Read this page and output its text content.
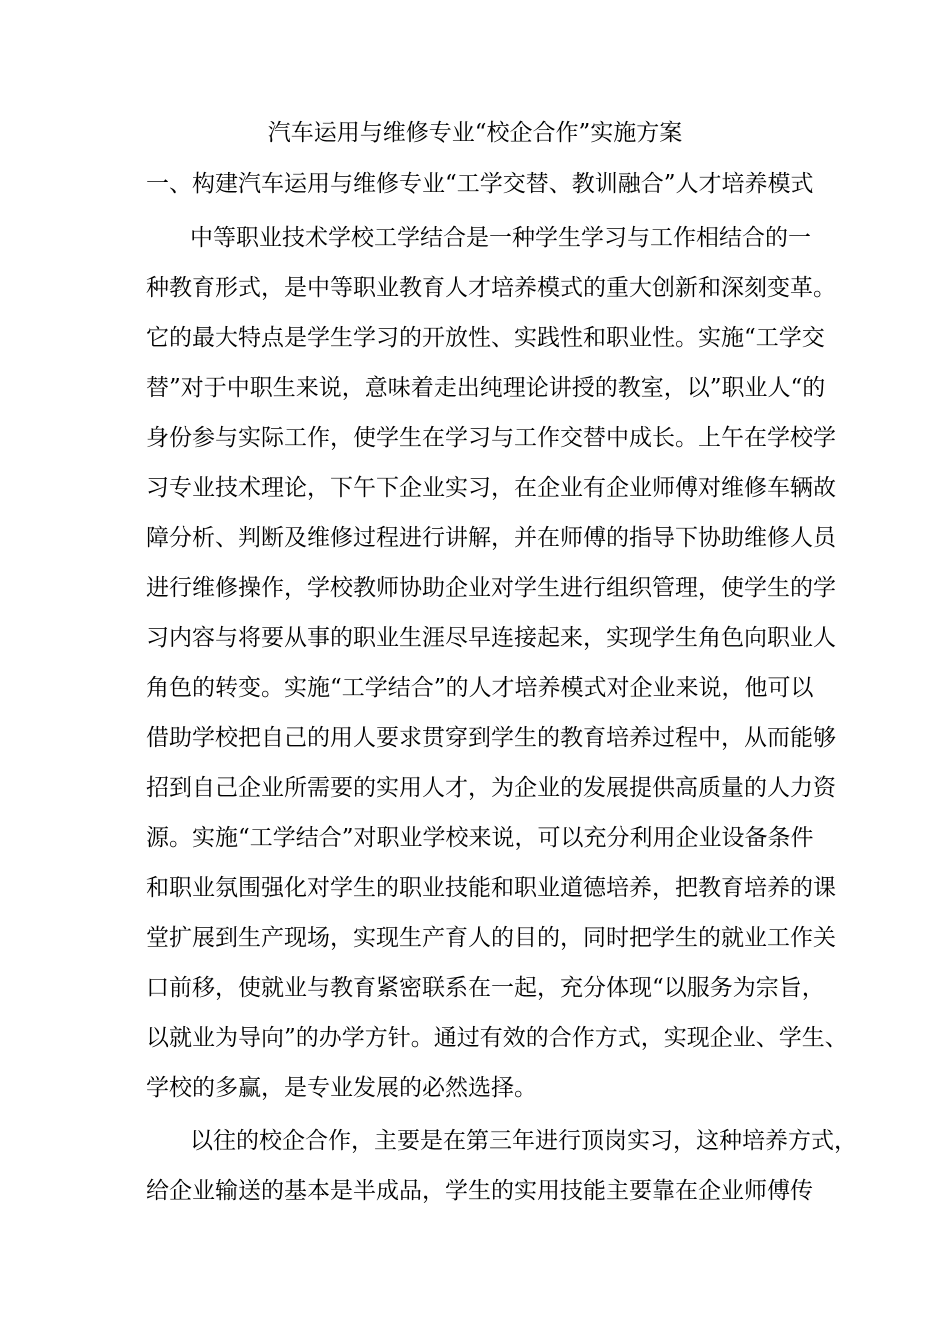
汽车运用与维修专业“校企合作”实施方案
一、构建汽车运用与维修专业“工学交替、教训融合”人才培养模式
中等职业技术学校工学结合是一种学生学习与工作相结合的一
种教育形式，是中等职业教育人才培养模式的重大创新和深刻变革。
它的最大特点是学生学习的开放性、实践性和职业性。实施“工学交
替”对于中职生来说，意味着走出纯理论讲授的教室，以”职业人“的
身份参与实际工作，使学生在学习与工作交替中成长。上午在学校学
习专业技术理论，下午下企业实习，在企业有企业师傅对维修车辆故
障分析、判断及维修过程进行讲解，并在师傅的指导下协助维修人员
进行维修操作，学校教师协助企业对学生进行组织管理，使学生的学
习内容与将要从事的职业生涯尽早连接起来，实现学生角色向职业人
角色的转变。实施“工学结合”的人才培养模式对企业来说，他可以
借助学校把自己的用人要求贯穿到学生的教育培养过程中，从而能够
招到自己企业所需要的实用人才，为企业的发展提供高质量的人力资
源。实施“工学结合”对职业学校来说，可以充分利用企业设备条件
和职业氛围强化对学生的职业技能和职业道德培养，把教育培养的课
堂扩展到生产现场，实现生产育人的目的，同时把学生的就业工作关
口前移，使就业与教育紧密联系在一起，充分体现“以服务为宗旨，
以就业为导向”的办学方针。通过有效的合作方式，实现企业、学生、
学校的多赢，是专业发展的必然选择。
以往的校企合作，主要是在第三年进行顶岗实习，这种培养方式，
给企业输送的基本是半成品，学生的实用技能主要靠在企业师傅传
